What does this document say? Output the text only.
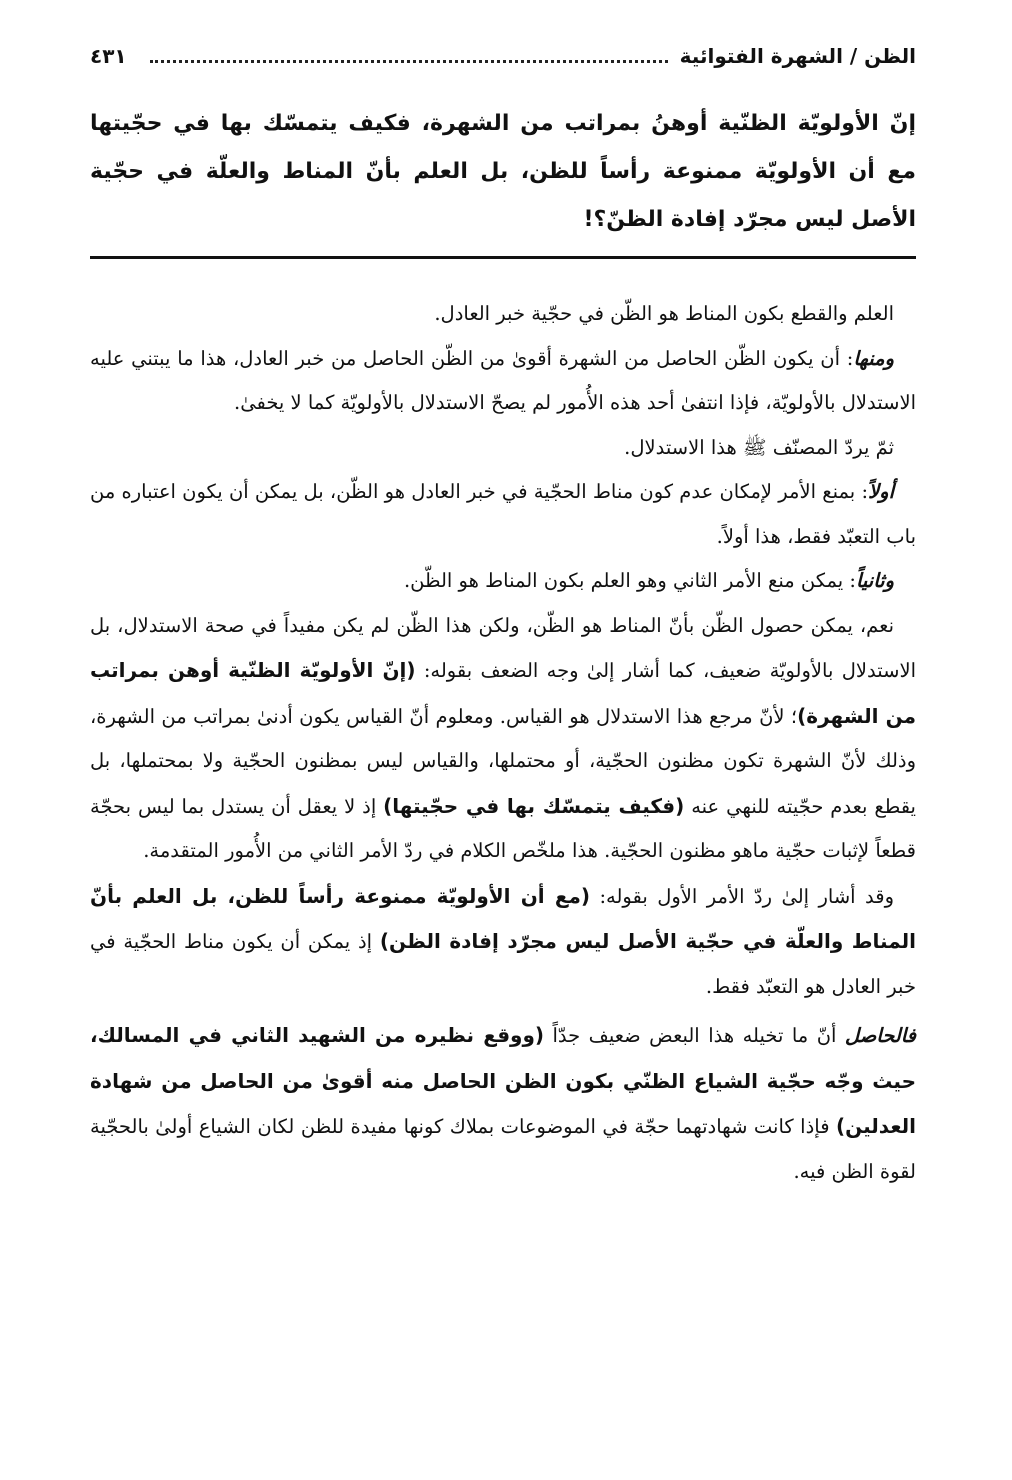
الظن / الشهرة الفتوائية
٤٣١
إنّ الأولويّة الظنّية أوهنُ بمراتب من الشهرة، فكيف يتمسّك بها في حجّيتها مع أن الأولويّة ممنوعة رأساً للظن، بل العلم بأنّ المناط والعلّة في حجّية الأصل ليس مجرّد إفادة الظنّ؟!

العلم والقطع بكون المناط هو الظّن في حجّية خبر العادل.

ومنها: أن يكون الظّن الحاصل من الشهرة أقوىٰ من الظّن الحاصل من خبر العادل، هذا ما يبتني عليه الاستدلال بالأولويّة، فإذا انتفىٰ أحد هذه الأُمور لم يصحّ الاستدلال بالأولويّة كما لا يخفىٰ.

ثمّ يردّ المصنّف ﷺ هذا الاستدلال.

أولاً: بمنع الأمر لإمكان عدم كون مناط الحجّية في خبر العادل هو الظّن، بل يمكن أن يكون اعتباره من باب التعبّد فقط، هذا أولاً.

وثانياً: يمكن منع الأمر الثاني وهو العلم بكون المناط هو الظّن.

نعم، يمكن حصول الظّن بأنّ المناط هو الظّن، ولكن هذا الظّن لم يكن مفيداً في صحة الاستدلال، بل الاستدلال بالأولويّة ضعيف، كما أشار إلىٰ وجه الضعف بقوله: (إنّ الأولويّة الظنّية أوهن بمراتب من الشهرة)؛ لأنّ مرجع هذا الاستدلال هو القياس. ومعلوم أنّ القياس يكون أدنىٰ بمراتب من الشهرة، وذلك لأنّ الشهرة تكون مظنون الحجّية، أو محتملها، والقياس ليس بمظنون الحجّية ولا بمحتملها، بل يقطع بعدم حجّيته للنهي عنه (فكيف يتمسّك بها في حجّيتها) إذ لا يعقل أن يستدل بما ليس بحجّة قطعاً لإثبات حجّية ماهو مظنون الحجّية. هذا ملخّص الكلام في ردّ الأمر الثاني من الأُمور المتقدمة.

وقد أشار إلىٰ ردّ الأمر الأول بقوله: (مع أن الأولويّة ممنوعة رأساً للظن، بل العلم بأنّ المناط والعلّة في حجّية الأصل ليس مجرّد إفادة الظن) إذ يمكن أن يكون مناط الحجّية في خبر العادل هو التعبّد فقط.

فالحاصل أنّ ما تخيله هذا البعض ضعيف جدّاً (ووقع نظيره من الشهيد الثاني في المسالك، حيث وجّه حجّية الشياع الظنّي بكون الظن الحاصل منه أقوىٰ من الحاصل من شهادة العدلين) فإذا كانت شهادتهما حجّة في الموضوعات بملاك كونها مفيدة للظن لكان الشياع أولىٰ بالحجّية لقوة الظن فيه.
